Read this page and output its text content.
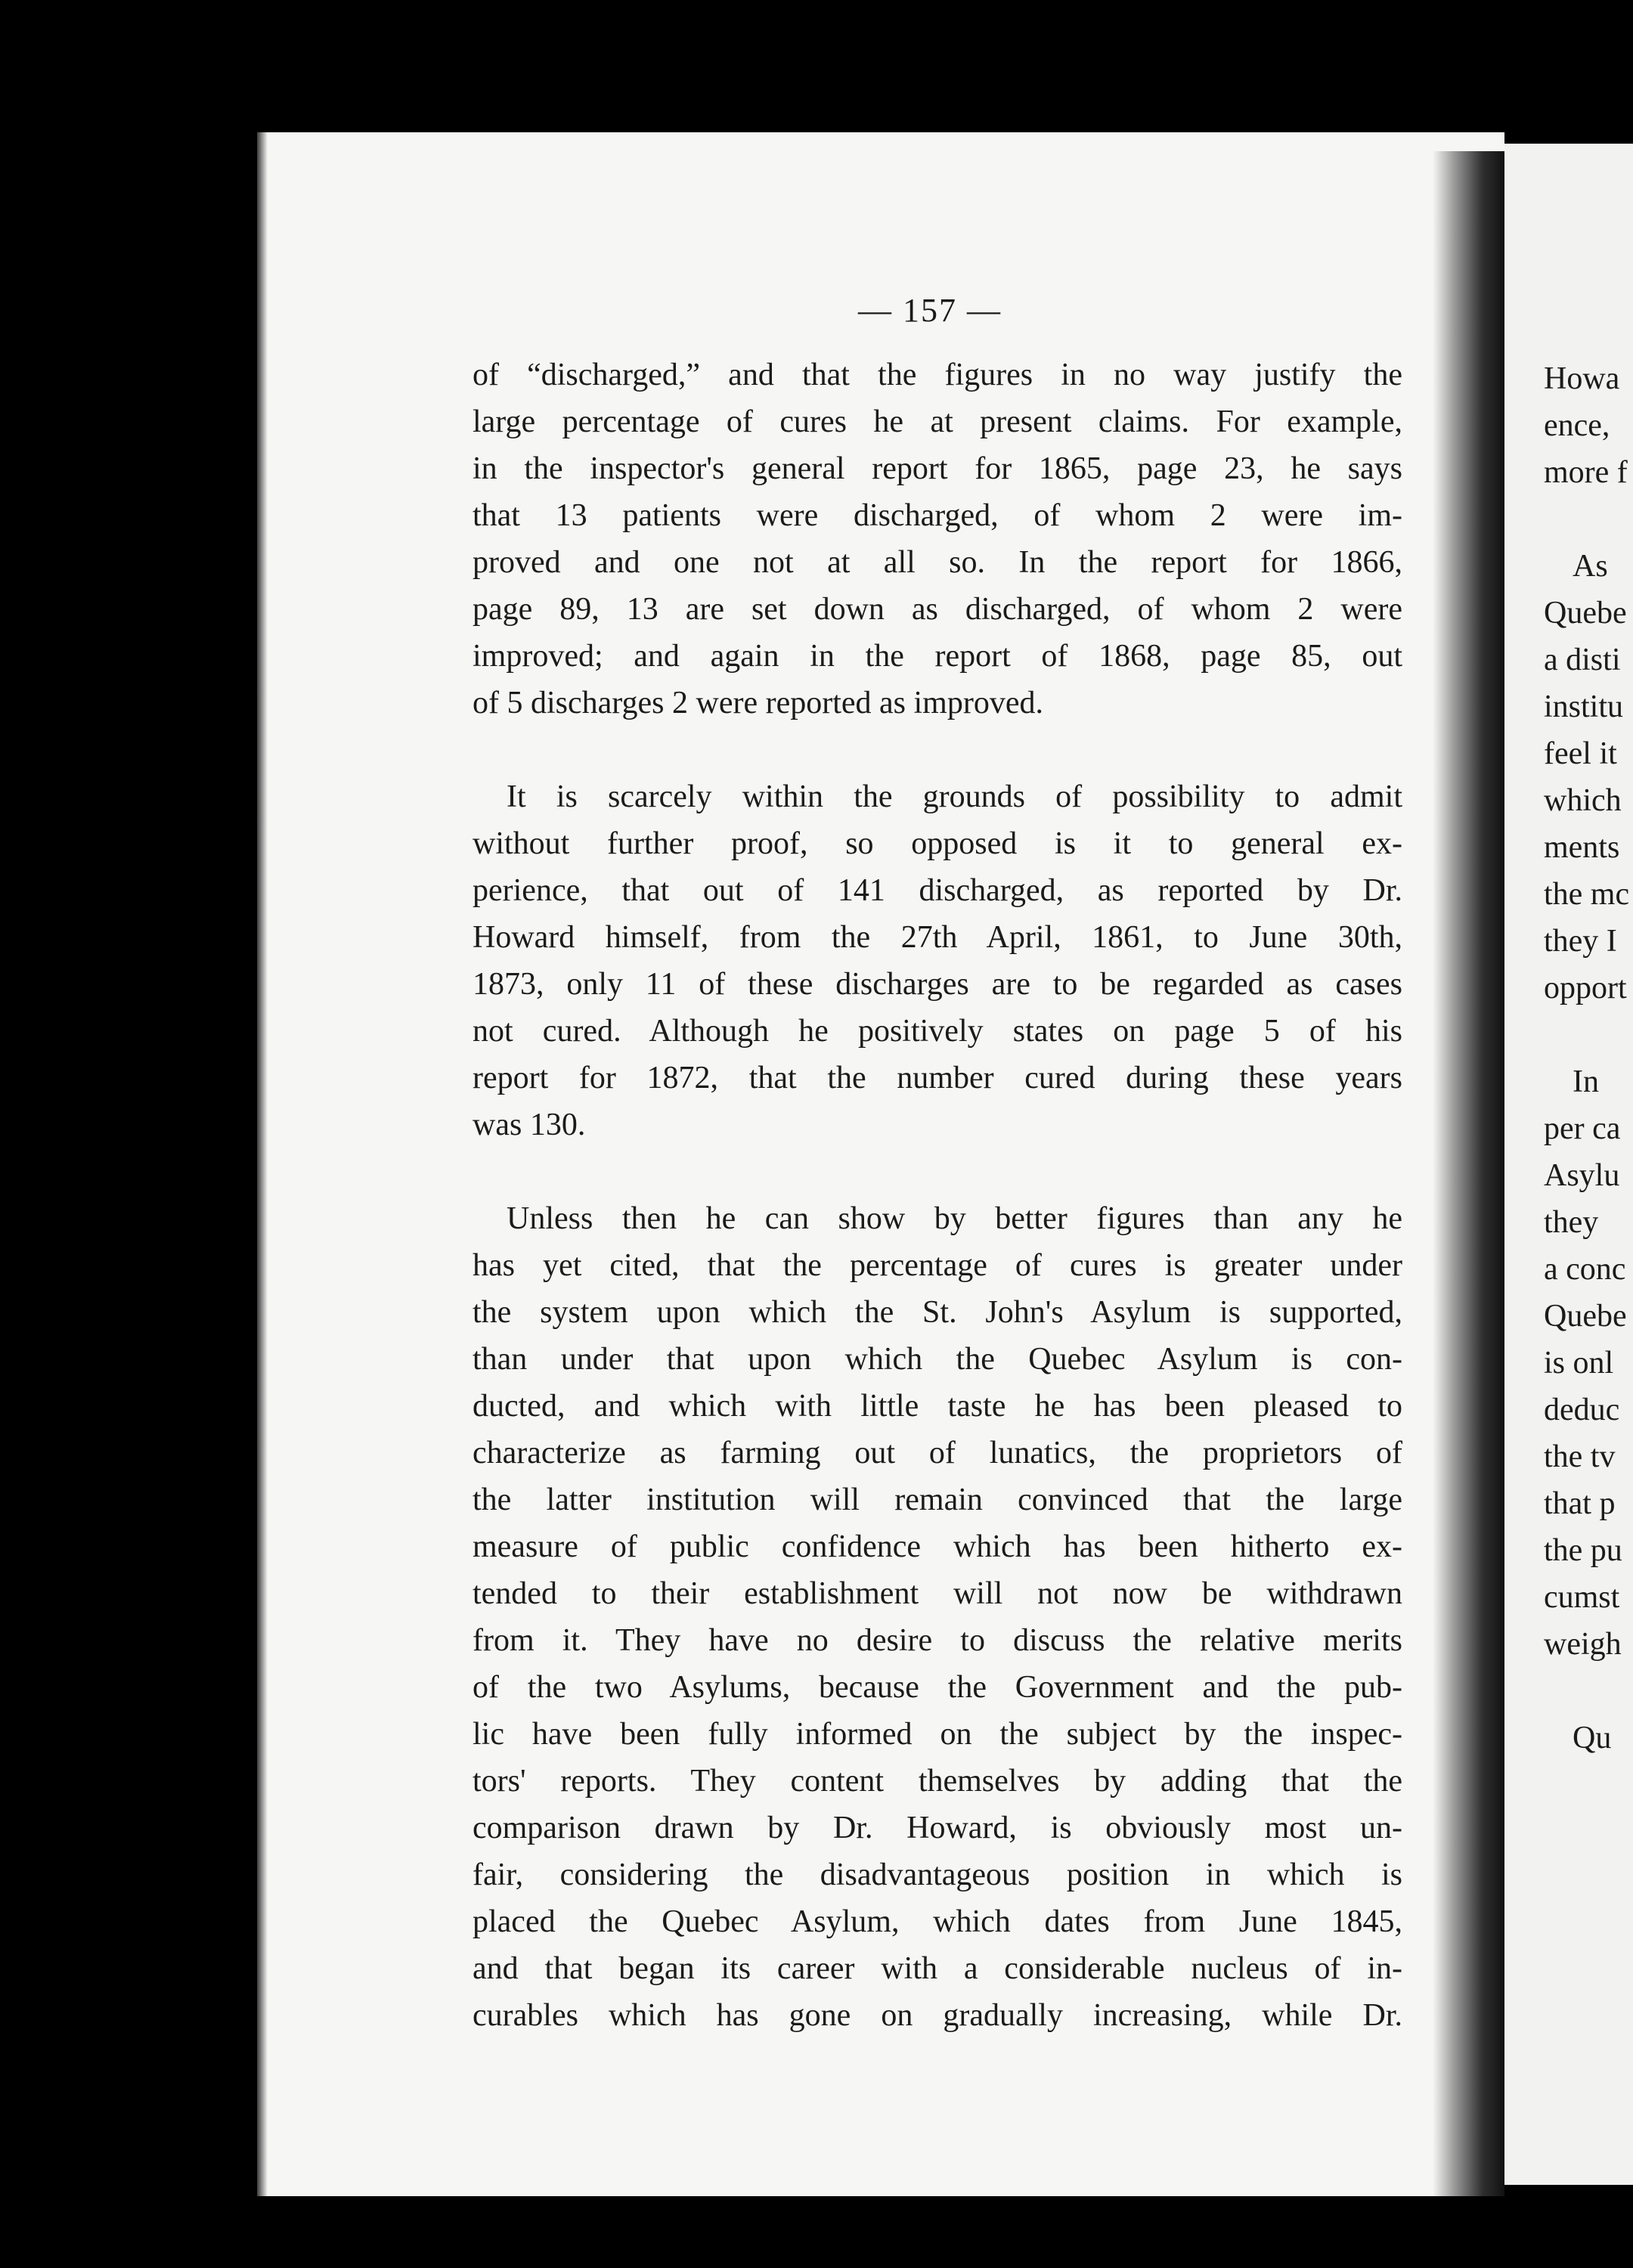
— 157 —
of “discharged,” and that the figures in no way justify the
large percentage of cures he at present claims. For example,
in the inspector's general report for 1865, page 23, he says
that 13 patients were discharged, of whom 2 were im-
proved and one not at all so. In the report for 1866,
page 89, 13 are set down as discharged, of whom 2 were
improved; and again in the report of 1868, page 85, out
of 5 discharges 2 were reported as improved.
It is scarcely within the grounds of possibility to admit
without further proof, so opposed is it to general ex-
perience, that out of 141 discharged, as reported by Dr.
Howard himself, from the 27th April, 1861, to June 30th,
1873, only 11 of these discharges are to be regarded as cases
not cured. Although he positively states on page 5 of his
report for 1872, that the number cured during these years
was 130.
Unless then he can show by better figures than any he
has yet cited, that the percentage of cures is greater under
the system upon which the St. John's Asylum is supported,
than under that upon which the Quebec Asylum is con-
ducted, and which with little taste he has been pleased to
characterize as farming out of lunatics, the proprietors of
the latter institution will remain convinced that the large
measure of public confidence which has been hitherto ex-
tended to their establishment will not now be withdrawn
from it. They have no desire to discuss the relative merits
of the two Asylums, because the Government and the pub-
lic have been fully informed on the subject by the inspec-
tors' reports. They content themselves by adding that the
comparison drawn by Dr. Howard, is obviously most un-
fair, considering the disadvantageous position in which is
placed the Quebec Asylum, which dates from June 1845,
and that began its career with a considerable nucleus of in-
curables which has gone on gradually increasing, while Dr.
Howa
ence,
more f
As
Quebe
a disti
institu
feel it
which
ments
the mc
they I
opport
In
per ca
Asylu
they
a conc
Quebe
is onl
deduc
the tv
that p
the pu
cumst
weigh
Qu
